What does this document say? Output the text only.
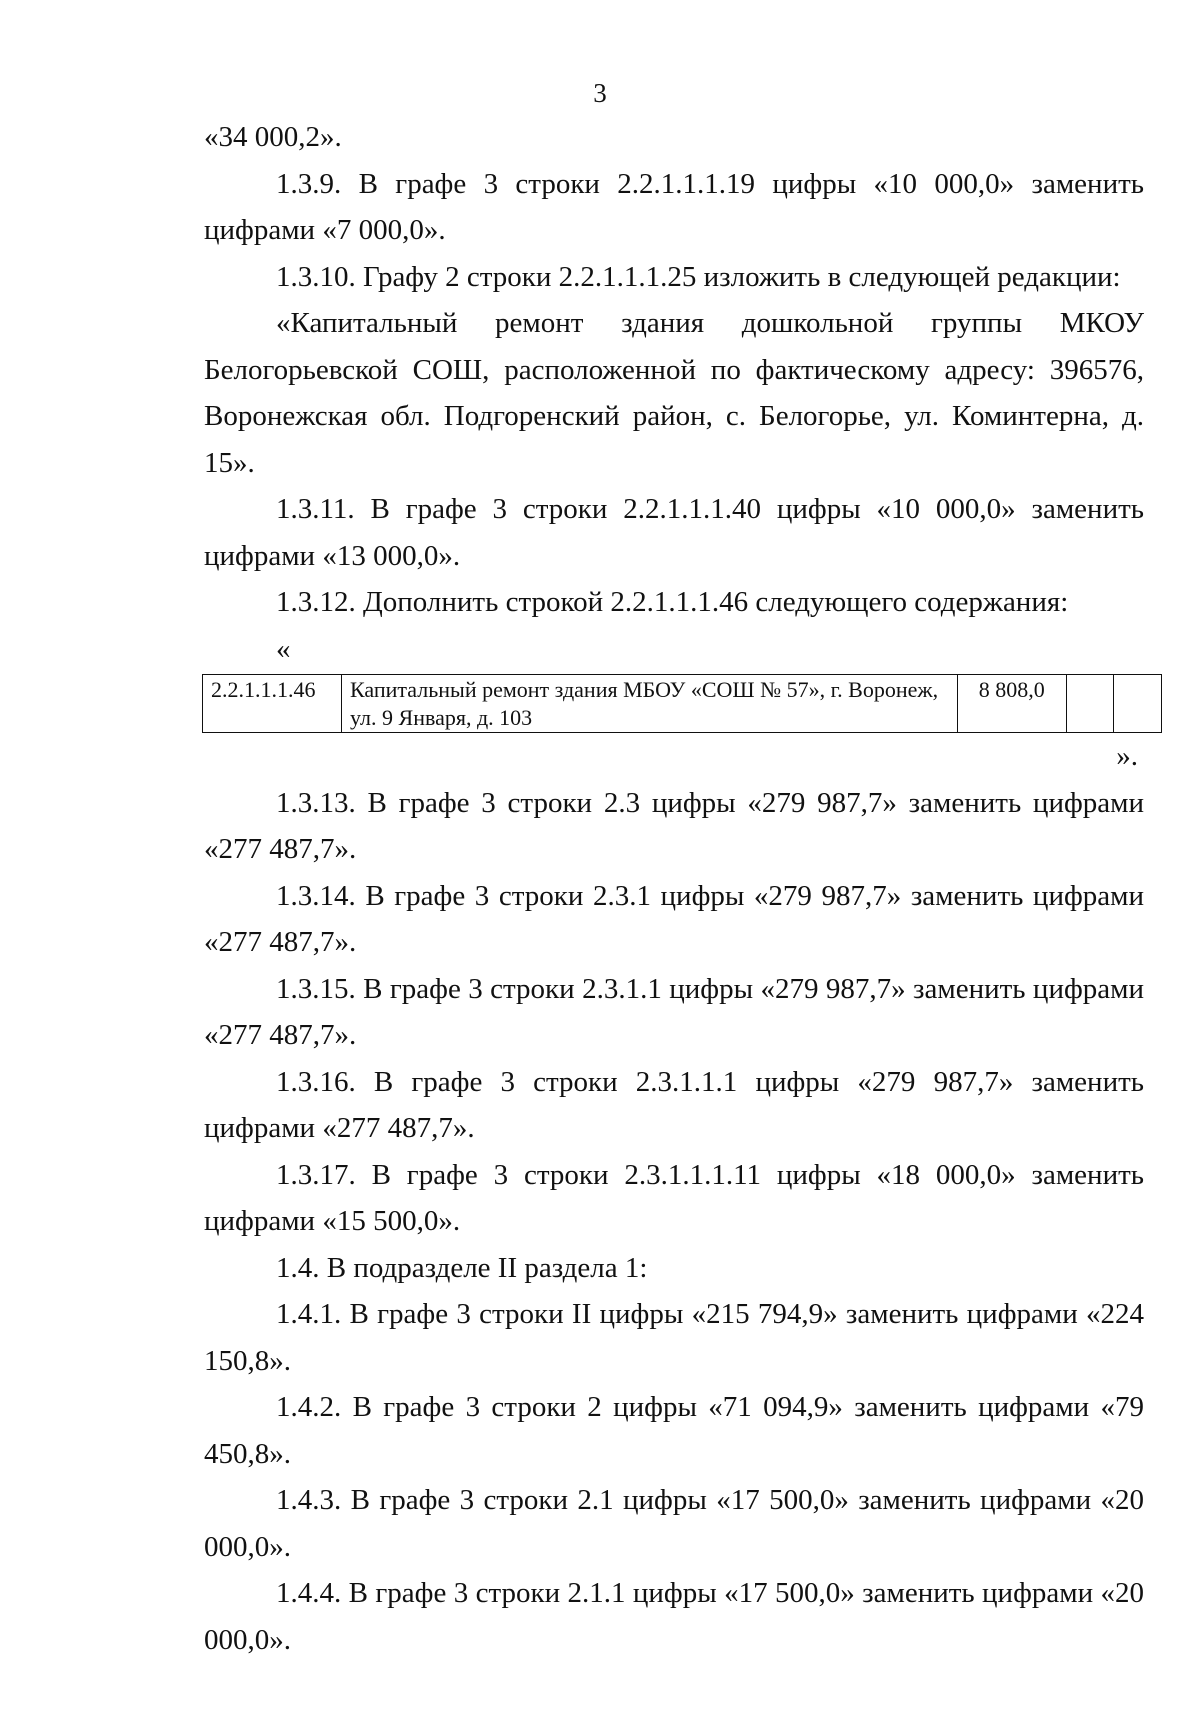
3

«34 000,2».

1.3.9. В графе 3 строки 2.2.1.1.1.19 цифры «10 000,0» заменить цифрами «7 000,0».

1.3.10. Графу 2 строки 2.2.1.1.1.25 изложить в следующей редакции:

«Капитальный ремонт здания дошкольной группы МКОУ Белогорьевской СОШ, расположенной по фактическому адресу: 396576, Воронежская обл. Подгоренский район, с. Белогорье, ул. Коминтерна, д. 15».

1.3.11. В графе 3 строки 2.2.1.1.1.40 цифры «10 000,0» заменить цифрами «13 000,0».

1.3.12. Дополнить строкой 2.2.1.1.1.46 следующего содержания:

«

2.2.1.1.1.46	Капитальный ремонт здания МБОУ «СОШ № 57», г. Воронеж, ул. 9 Января, д. 103	8 808,0		

».

1.3.13. В графе 3 строки 2.3 цифры «279 987,7» заменить цифрами «277 487,7».

1.3.14. В графе 3 строки 2.3.1 цифры «279 987,7» заменить цифрами «277 487,7».

1.3.15. В графе 3 строки 2.3.1.1 цифры «279 987,7» заменить цифрами «277 487,7».

1.3.16. В графе 3 строки 2.3.1.1.1 цифры «279 987,7» заменить цифрами «277 487,7».

1.3.17. В графе 3 строки 2.3.1.1.1.11 цифры «18 000,0» заменить цифрами «15 500,0».

1.4. В подразделе II раздела 1:

1.4.1. В графе 3 строки II цифры «215 794,9» заменить цифрами «224 150,8».

1.4.2. В графе 3 строки 2 цифры «71 094,9» заменить цифрами «79 450,8».

1.4.3. В графе 3 строки 2.1 цифры «17 500,0» заменить цифрами «20 000,0».

1.4.4. В графе 3 строки 2.1.1 цифры «17 500,0» заменить цифрами «20 000,0».
